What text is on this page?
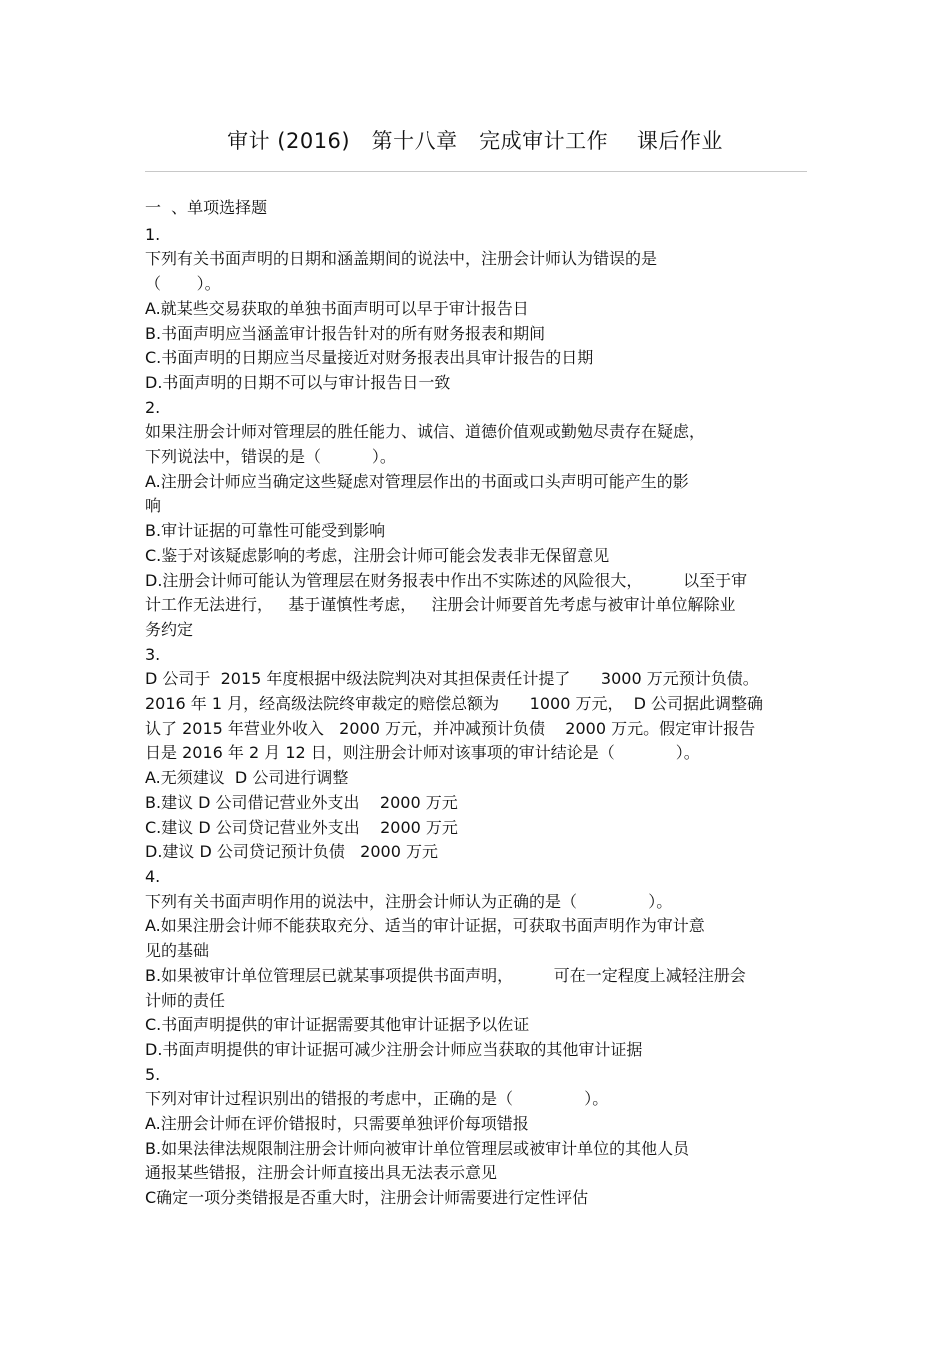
审计 (2016)   第十八章   完成审计工作    课后作业
一  、单项选择题
1.
下列有关书面声明的日期和涵盖期间的说法中，注册会计师认为错误的是
（       ）。
A.就某些交易获取的单独书面声明可以早于审计报告日
B.书面声明应当涵盖审计报告针对的所有财务报表和期间
C.书面声明的日期应当尽量接近对财务报表出具审计报告的日期
D.书面声明的日期不可以与审计报告日一致
2.
如果注册会计师对管理层的胜任能力、诚信、道德价值观或勤勉尽责存在疑虑，
下列说法中，错误的是（          ）。
A.注册会计师应当确定这些疑虑对管理层作出的书面或口头声明可能产生的影
响
B.审计证据的可靠性可能受到影响
C.鉴于对该疑虑影响的考虑，注册会计师可能会发表非无保留意见
D.注册会计师可能认为管理层在财务报表中作出不实陈述的风险很大，        以至于审
计工作无法进行，   基于谨慎性考虑，   注册会计师要首先考虑与被审计单位解除业
务约定
3.
D 公司于  2015 年度根据中级法院判决对其担保责任计提了      3000 万元预计负债。
2016 年 1 月，经高级法院终审裁定的赔偿总额为      1000 万元，  D 公司据此调整确
认了 2015 年营业外收入   2000 万元，并冲减预计负债    2000 万元。假定审计报告
日是 2016 年 2 月 12 日，则注册会计师对该事项的审计结论是（            ）。
A.无须建议  D 公司进行调整
B.建议 D 公司借记营业外支出    2000 万元
C.建议 D 公司贷记营业外支出    2000 万元
D.建议 D 公司贷记预计负债   2000 万元
4.
下列有关书面声明作用的说法中，注册会计师认为正确的是（              ）。
A.如果注册会计师不能获取充分、适当的审计证据，可获取书面声明作为审计意
见的基础
B.如果被审计单位管理层已就某事项提供书面声明，        可在一定程度上减轻注册会
计师的责任
C.书面声明提供的审计证据需要其他审计证据予以佐证
D.书面声明提供的审计证据可减少注册会计师应当获取的其他审计证据
5.
下列对审计过程识别出的错报的考虑中，正确的是（              ）。
A.注册会计师在评价错报时，只需要单独评价每项错报
B.如果法律法规限制注册会计师向被审计单位管理层或被审计单位的其他人员
通报某些错报，注册会计师直接出具无法表示意见
C确定一项分类错报是否重大时，注册会计师需要进行定性评估
